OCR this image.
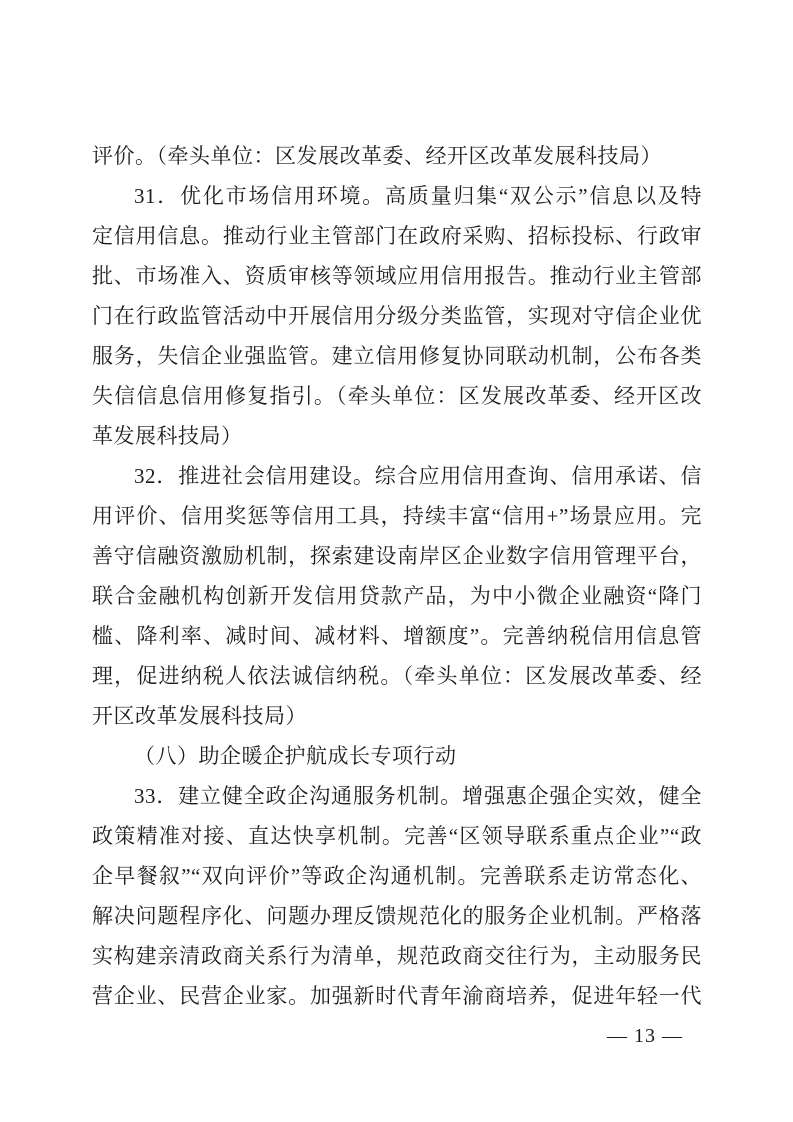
评价。（牵头单位：区发展改革委、经开区改革发展科技局）
31．优化市场信用环境。高质量归集“双公示”信息以及特
定信用信息。推动行业主管部门在政府采购、招标投标、行政审
批、市场准入、资质审核等领域应用信用报告。推动行业主管部
门在行政监管活动中开展信用分级分类监管，实现对守信企业优
服务，失信企业强监管。建立信用修复协同联动机制，公布各类
失信信息信用修复指引。（牵头单位：区发展改革委、经开区改
革发展科技局）
32．推进社会信用建设。综合应用信用查询、信用承诺、信
用评价、信用奖惩等信用工具，持续丰富“信用+”场景应用。完
善守信融资激励机制，探索建设南岸区企业数字信用管理平台，
联合金融机构创新开发信用贷款产品，为中小微企业融资“降门
槛、降利率、减时间、减材料、增额度”。完善纳税信用信息管
理，促进纳税人依法诚信纳税。（牵头单位：区发展改革委、经
开区改革发展科技局）
（八）助企暖企护航成长专项行动
33．建立健全政企沟通服务机制。增强惠企强企实效，健全
政策精准对接、直达快享机制。完善“区领导联系重点企业”“政
企早餐叙”“双向评价”等政企沟通机制。完善联系走访常态化、
解决问题程序化、问题办理反馈规范化的服务企业机制。严格落
实构建亲清政商关系行为清单，规范政商交往行为，主动服务民
营企业、民营企业家。加强新时代青年渝商培养，促进年轻一代
— 13 —
